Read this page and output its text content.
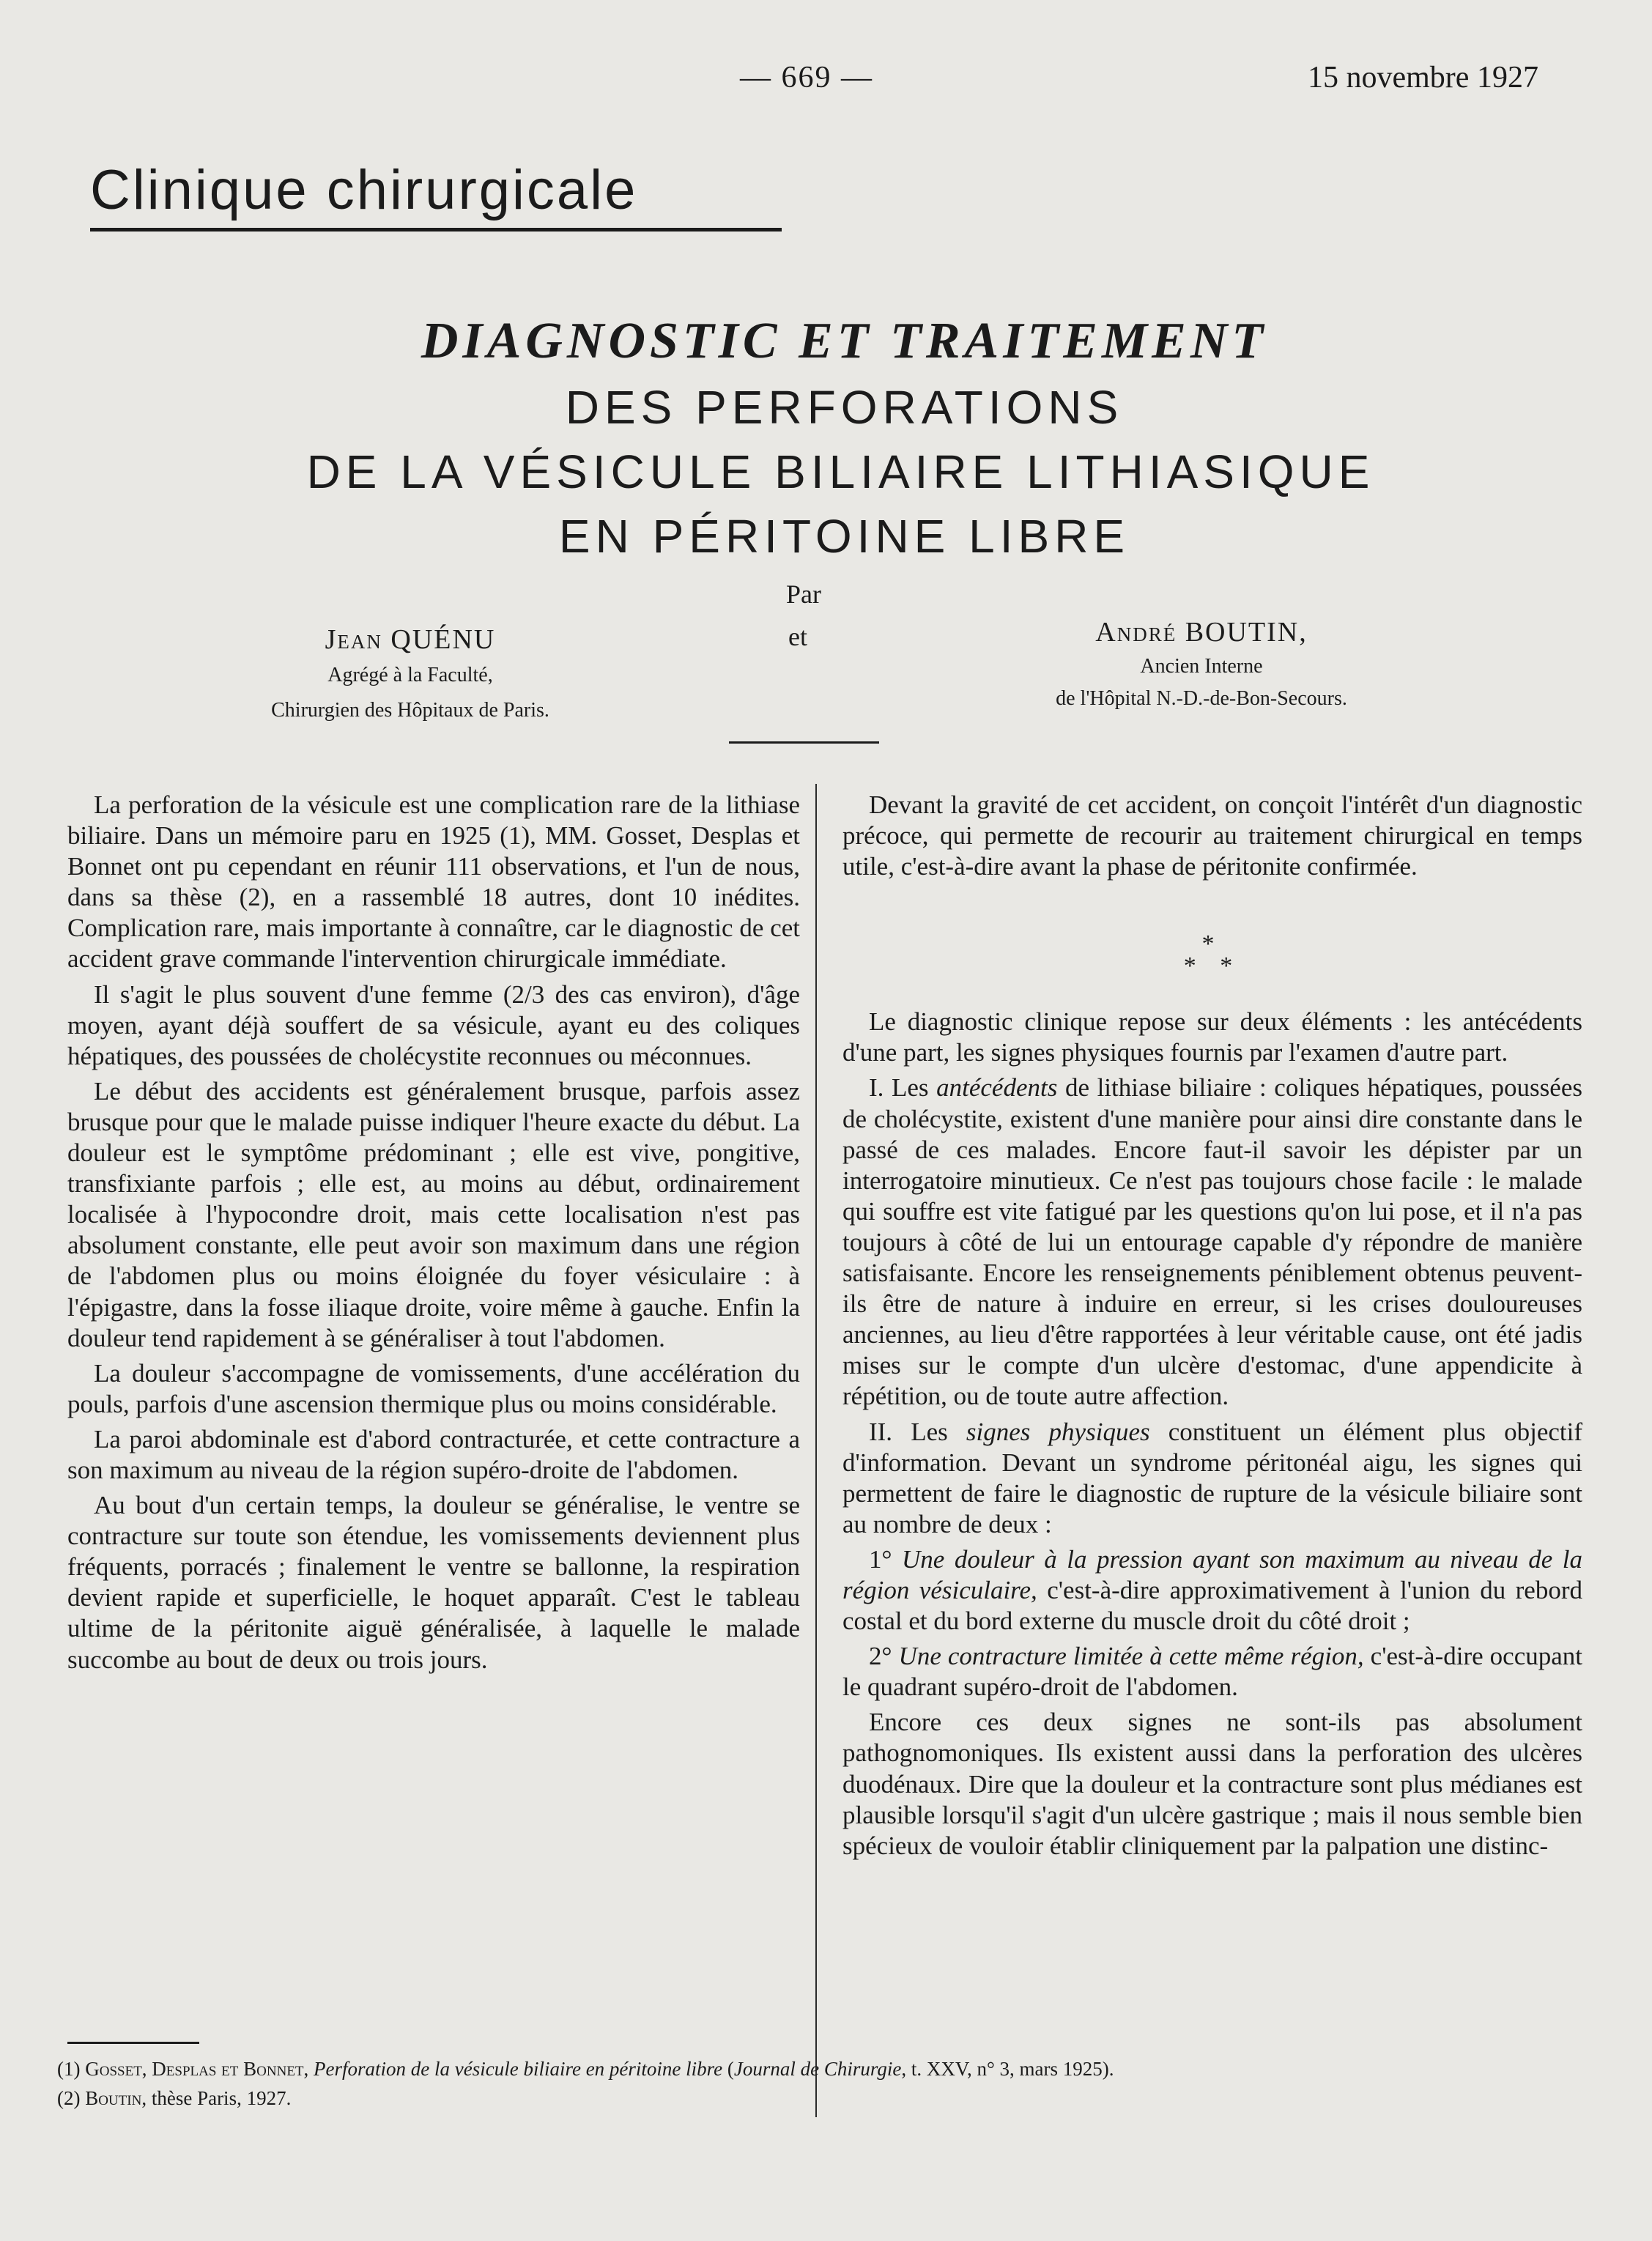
— 669 —	15 novembre 1927
Clinique chirurgicale
DIAGNOSTIC ET TRAITEMENT
DES PERFORATIONS
DE LA VÉSICULE BILIAIRE LITHIASIQUE
EN PÉRITOINE LIBRE
Par
et
Jean QUÉNU
Agrégé à la Faculté,
Chirurgien des Hôpitaux de Paris.
André BOUTIN,
Ancien Interne
de l'Hôpital N.-D.-de-Bon-Secours.

La perforation de la vésicule est une complication rare de la lithiase biliaire. Dans un mémoire paru en 1925 (1), MM. Gosset, Desplas et Bonnet ont pu cependant en réunir 111 observations, et l'un de nous, dans sa thèse (2), en a rassemblé 18 autres, dont 10 inédites. Complication rare, mais importante à connaître, car le diagnostic de cet accident grave commande l'intervention chirurgicale immédiate.

Il s'agit le plus souvent d'une femme (2/3 des cas environ), d'âge moyen, ayant déjà souffert de sa vésicule, ayant eu des coliques hépatiques, des poussées de cholécystite reconnues ou méconnues.

Le début des accidents est généralement brusque, parfois assez brusque pour que le malade puisse indiquer l'heure exacte du début. La douleur est le symptôme prédominant ; elle est vive, pongitive, transfixiante parfois ; elle est, au moins au début, ordinairement localisée à l'hypocondre droit, mais cette localisation n'est pas absolument constante, elle peut avoir son maximum dans une région de l'abdomen plus ou moins éloignée du foyer vésiculaire : à l'épigastre, dans la fosse iliaque droite, voire même à gauche. Enfin la douleur tend rapidement à se généraliser à tout l'abdomen.

La douleur s'accompagne de vomissements, d'une accélération du pouls, parfois d'une ascension thermique plus ou moins considérable.

La paroi abdominale est d'abord contracturée, et cette contracture a son maximum au niveau de la région supéro-droite de l'abdomen.

Au bout d'un certain temps, la douleur se généralise, le ventre se contracture sur toute son étendue, les vomissements deviennent plus fréquents, porracés ; finalement le ventre se ballonne, la respiration devient rapide et superficielle, le hoquet apparaît. C'est le tableau ultime de la péritonite aiguë généralisée, à laquelle le malade succombe au bout de deux ou trois jours.

Devant la gravité de cet accident, on conçoit l'intérêt d'un diagnostic précoce, qui permette de recourir au traitement chirurgical en temps utile, c'est-à-dire avant la phase de péritonite confirmée.

*
* *

Le diagnostic clinique repose sur deux éléments : les antécédents d'une part, les signes physiques fournis par l'examen d'autre part.

I. Les antécédents de lithiase biliaire : coliques hépatiques, poussées de cholécystite, existent d'une manière pour ainsi dire constante dans le passé de ces malades. Encore faut-il savoir les dépister par un interrogatoire minutieux. Ce n'est pas toujours chose facile : le malade qui souffre est vite fatigué par les questions qu'on lui pose, et il n'a pas toujours à côté de lui un entourage capable d'y répondre de manière satisfaisante. Encore les renseignements péniblement obtenus peuvent-ils être de nature à induire en erreur, si les crises douloureuses anciennes, au lieu d'être rapportées à leur véritable cause, ont été jadis mises sur le compte d'un ulcère d'estomac, d'une appendicite à répétition, ou de toute autre affection.

II. Les signes physiques constituent un élément plus objectif d'information. Devant un syndrome péritonéal aigu, les signes qui permettent de faire le diagnostic de rupture de la vésicule biliaire sont au nombre de deux :

1° Une douleur à la pression ayant son maximum au niveau de la région vésiculaire, c'est-à-dire approximativement à l'union du rebord costal et du bord externe du muscle droit du côté droit ;

2° Une contracture limitée à cette même région, c'est-à-dire occupant le quadrant supéro-droit de l'abdomen.

Encore ces deux signes ne sont-ils pas absolument pathognomoniques. Ils existent aussi dans la perforation des ulcères duodénaux. Dire que la douleur et la contracture sont plus médianes est plausible lorsqu'il s'agit d'un ulcère gastrique ; mais il nous semble bien spécieux de vouloir établir cliniquement par la palpation une distinc-

(1) Gosset, Desplas et Bonnet, Perforation de la vésicule biliaire en péritoine libre (Journal de Chirurgie, t. XXV, n° 3, mars 1925).
(2) Boutin, thèse Paris, 1927.
